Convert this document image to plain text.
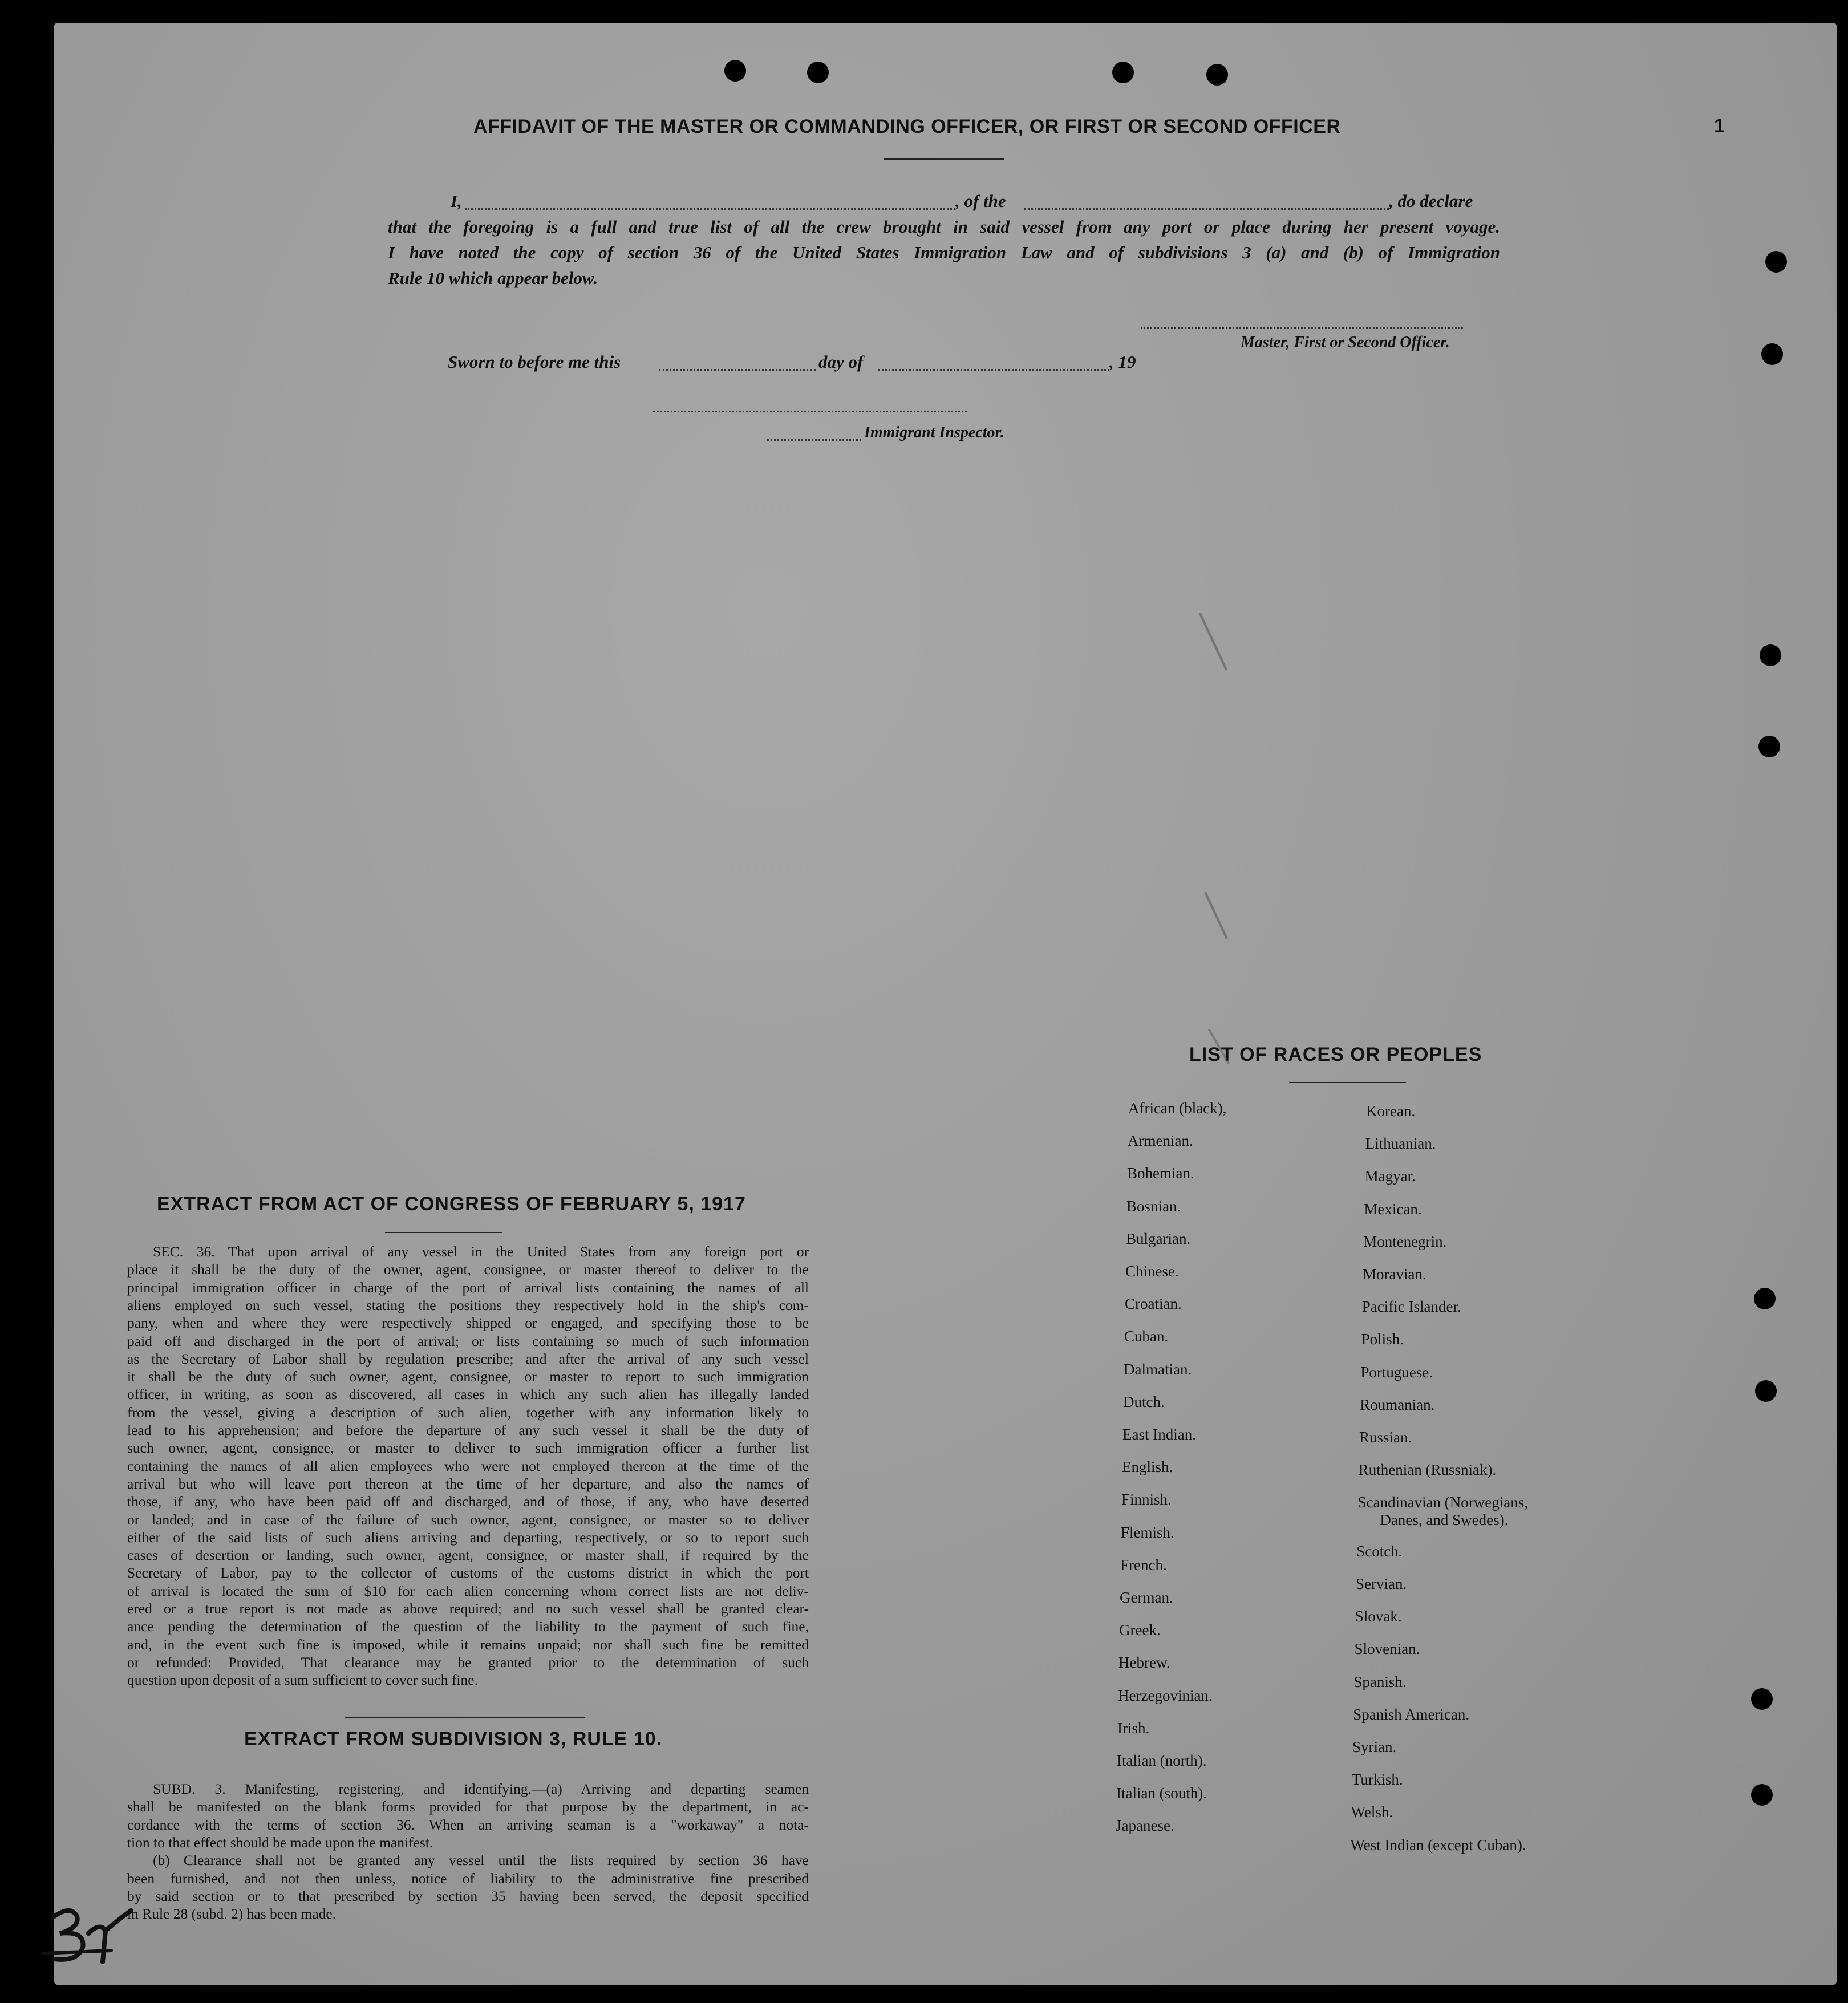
1
AFFIDAVIT OF THE MASTER OR COMMANDING OFFICER, OR FIRST OR SECOND OFFICER
I,	, of the	, do declare
that the foregoing is a full and true list of all the crew brought in said vessel from any port or place during her present voyage.
I have noted the copy of section 36 of the United States Immigration Law and of subdivisions 3 (a) and (b) of Immigration
Rule 10 which appear below.
Master, First or Second Officer.
Sworn to before me this	day of	, 19
Immigrant Inspector.
EXTRACT FROM ACT OF CONGRESS OF FEBRUARY 5, 1917
SEC. 36. That upon arrival of any vessel in the United States from any foreign port or
place it shall be the duty of the owner, agent, consignee, or master thereof to deliver to the
principal immigration officer in charge of the port of arrival lists containing the names of all
aliens employed on such vessel, stating the positions they respectively hold in the ship's com-
pany, when and where they were respectively shipped or engaged, and specifying those to be
paid off and discharged in the port of arrival; or lists containing so much of such information
as the Secretary of Labor shall by regulation prescribe; and after the arrival of any such vessel
it shall be the duty of such owner, agent, consignee, or master to report to such immigration
officer, in writing, as soon as discovered, all cases in which any such alien has illegally landed
from the vessel, giving a description of such alien, together with any information likely to
lead to his apprehension; and before the departure of any such vessel it shall be the duty of
such owner, agent, consignee, or master to deliver to such immigration officer a further list
containing the names of all alien employees who were not employed thereon at the time of the
arrival but who will leave port thereon at the time of her departure, and also the names of
those, if any, who have been paid off and discharged, and of those, if any, who have deserted
or landed; and in case of the failure of such owner, agent, consignee, or master so to deliver
either of the said lists of such aliens arriving and departing, respectively, or so to report such
cases of desertion or landing, such owner, agent, consignee, or master shall, if required by the
Secretary of Labor, pay to the collector of customs of the customs district in which the port
of arrival is located the sum of $10 for each alien concerning whom correct lists are not deliv-
ered or a true report is not made as above required; and no such vessel shall be granted clear-
ance pending the determination of the question of the liability to the payment of such fine,
and, in the event such fine is imposed, while it remains unpaid; nor shall such fine be remitted
or refunded: Provided, That clearance may be granted prior to the determination of such
question upon deposit of a sum sufficient to cover such fine.
EXTRACT FROM SUBDIVISION 3, RULE 10.
SUBD. 3. Manifesting, registering, and identifying.—(a) Arriving and departing seamen
shall be manifested on the blank forms provided for that purpose by the department, in ac-
cordance with the terms of section 36. When an arriving seaman is a "workaway" a nota-
tion to that effect should be made upon the manifest.
(b) Clearance shall not be granted any vessel until the lists required by section 36 have
been furnished, and not then unless, notice of liability to the administrative fine prescribed
by said section or to that prescribed by section 35 having been served, the deposit specified
in Rule 28 (subd. 2) has been made.
LIST OF RACES OR PEOPLES
African (black),
Armenian.
Bohemian.
Bosnian.
Bulgarian.
Chinese.
Croatian.
Cuban.
Dalmatian.
Dutch.
East Indian.
English.
Finnish.
Flemish.
French.
German.
Greek.
Hebrew.
Herzegovinian.
Irish.
Italian (north).
Italian (south).
Japanese.
Korean.
Lithuanian.
Magyar.
Mexican.
Montenegrin.
Moravian.
Pacific Islander.
Polish.
Portuguese.
Roumanian.
Russian.
Ruthenian (Russniak).
Scandinavian (Norwegians,
Danes, and Swedes).
Scotch.
Servian.
Slovak.
Slovenian.
Spanish.
Spanish American.
Syrian.
Turkish.
Welsh.
West Indian (except Cuban).
